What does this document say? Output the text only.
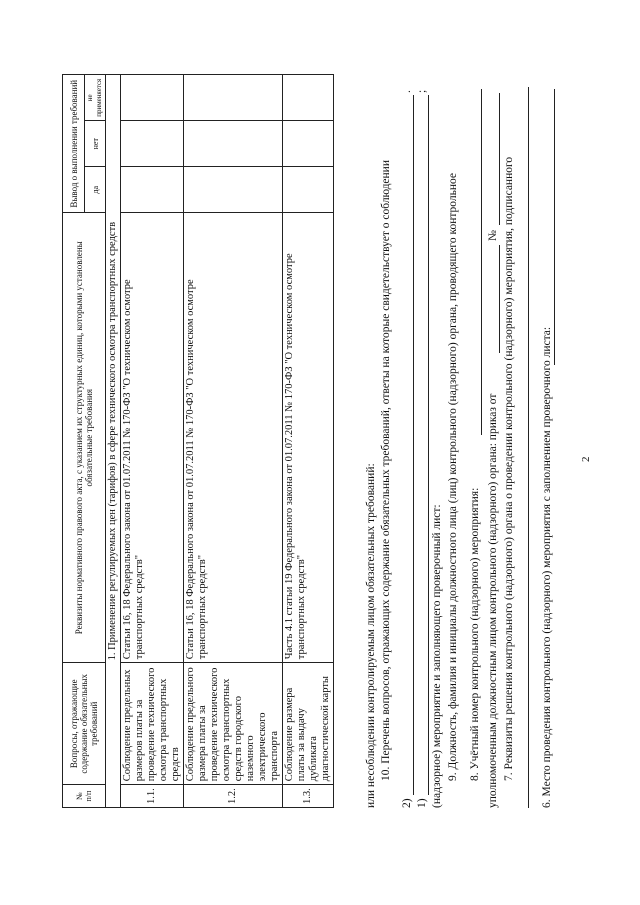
2
6. Место проведения контрольного (надзорного) мероприятия с заполнением проверочного листа:
7. Реквизиты решения контрольного (надзорного) органа о проведении контрольного (надзорного) мероприятия, подписанного
уполномоченным должностным лицом контрольного (надзорного) органа: приказ от
№
8. Учётный номер контрольного (надзорного) мероприятия:
9. Должность, фамилия и инициалы должностного лица (лиц) контрольного (надзорного) органа, проводящего контрольное
(надзорное) мероприятие и заполняющего проверочный лист:
1)
;
2)
.
10. Перечень вопросов, отражающих содержание обязательных требований, ответы на которые свидетельствует о соблюдении
или несоблюдении контролируемым лицом обязательных требований:
№ п/п	Вопросы, отражающие содержание обязательных требований	Реквизиты нормативного правового акта, с указанием их структурных единиц, которыми установлены обязательные требования	Вывод о выполнении требований		
			да	нет	не применяется
1. Применение регулируемых цен (тарифов) в сфере технического осмотра транспортных средств					
1.1.	Соблюдение предельных размеров платы за проведение технического осмотра транспортных средств	Статьи 16, 18 Федерального закона от 01.07.2011 № 170-ФЗ "О техническом осмотре транспортных средств"			
1.2.	Соблюдение предельного размера платы за проведение технического осмотра транспортных средств городского наземного электрического транспорта	Статьи 16, 18 Федерального закона от 01.07.2011 № 170-ФЗ "О техническом осмотре транспортных средств"			
1.3.	Соблюдение размера платы за выдачу дубликата диагностической карты	Часть 4.1 статьи 19 Федерального закона от 01.07.2011 № 170-ФЗ "О техническом осмотре транспортных средств"			
